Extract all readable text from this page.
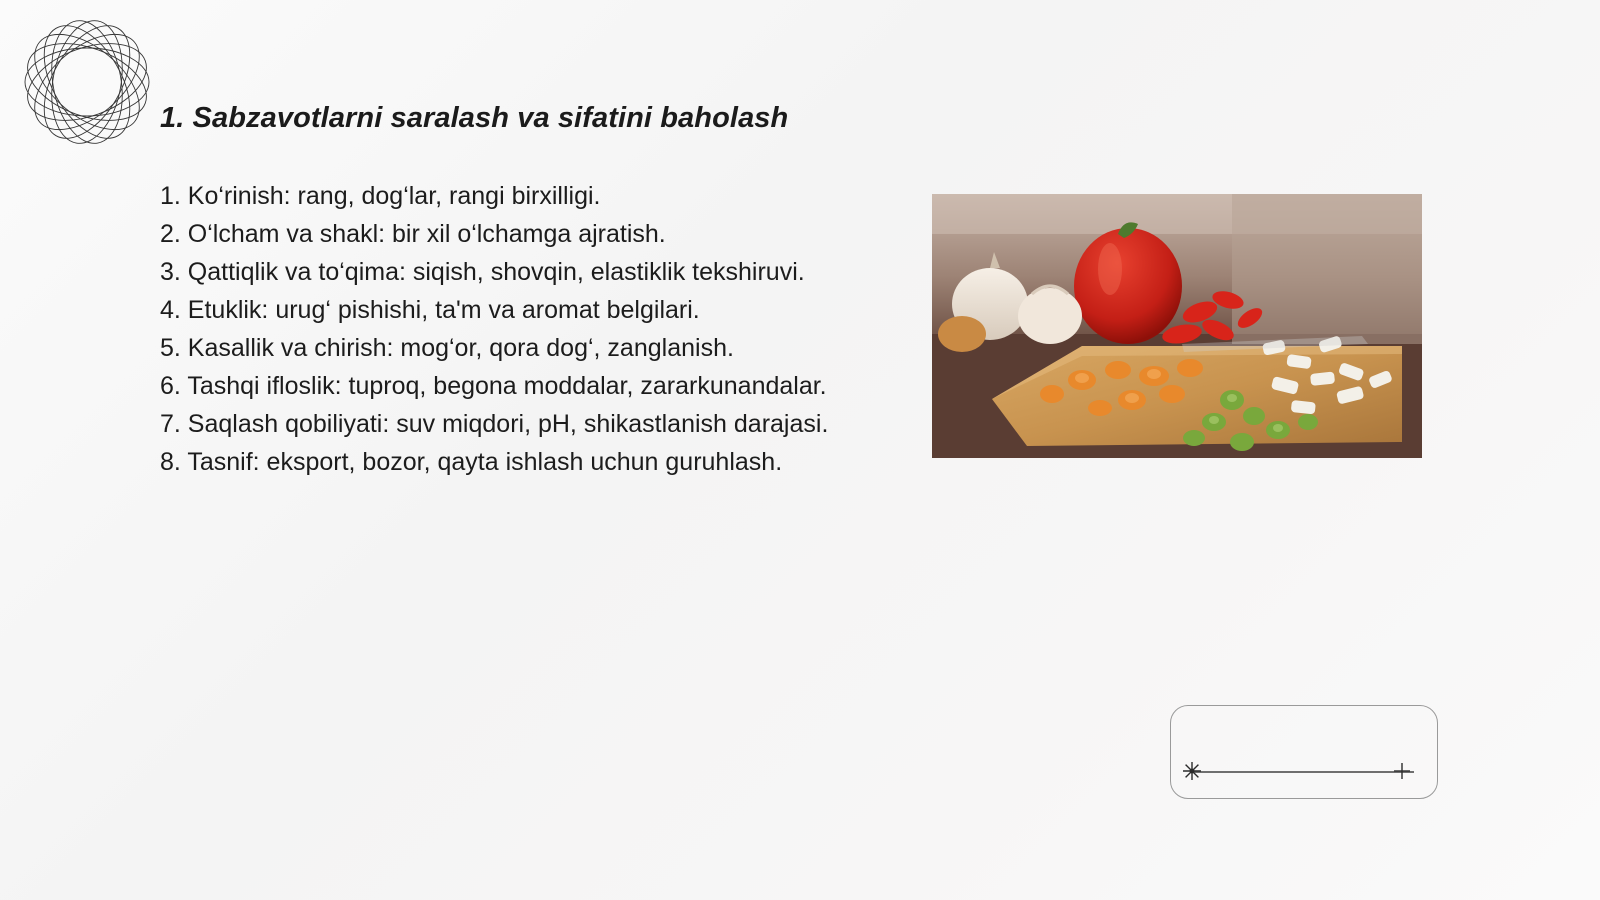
1. Sabzavotlarni saralash va sifatini baholash
1. Ko‘rinish: rang, dog‘lar, rangi birxilligi.
2. O‘lcham va shakl: bir xil o‘lchamga ajratish.
3. Qattiqlik va to‘qima: siqish, shovqin, elastiklik tekshiruvi.
4. Etuklik: urug‘ pishishi, ta'm va aromat belgilari.
5. Kasallik va chirish: mog‘or, qora dog‘, zanglanish.
6. Tashqi ifloslik: tuproq, begona moddalar, zararkunandalar.
7. Saqlash qobiliyati: suv miqdori, pH, shikastlanish darajasi.
8. Tasnif: eksport, bozor, qayta ishlash uchun guruhlash.
